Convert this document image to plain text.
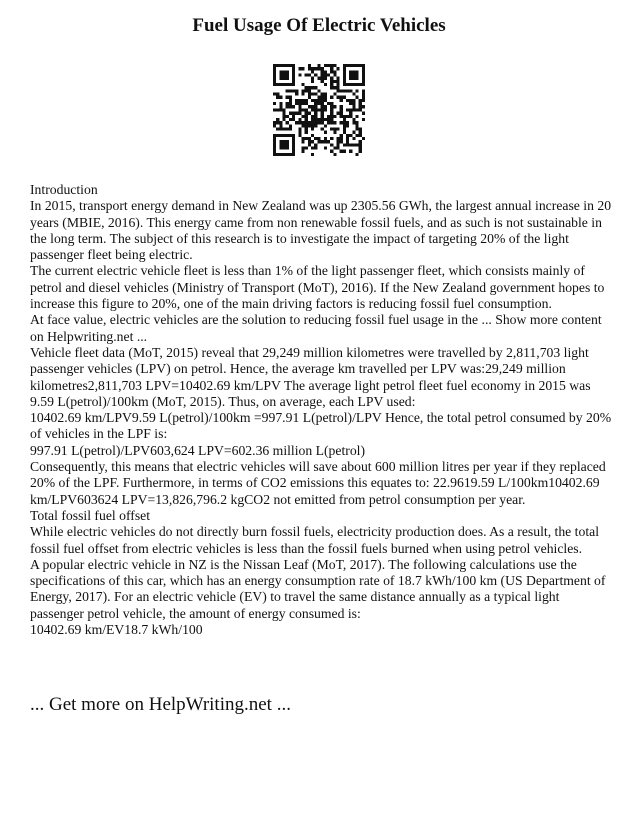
Fuel Usage Of Electric Vehicles

Introduction

In 2015, transport energy demand in New Zealand was up 2305.56 GWh, the largest annual increase in 20 years (MBIE, 2016). This energy came from non renewable fossil fuels, and as such is not sustainable in the long term. The subject of this research is to investigate the impact of targeting 20% of the light passenger fleet being electric.

The current electric vehicle fleet is less than 1% of the light passenger fleet, which consists mainly of petrol and diesel vehicles (Ministry of Transport (MoT), 2016). If the New Zealand government hopes to increase this figure to 20%, one of the main driving factors is reducing fossil fuel consumption.

At face value, electric vehicles are the solution to reducing fossil fuel usage in the ... Show more content on Helpwriting.net ...

Vehicle fleet data (MoT, 2015) reveal that 29,249 million kilometres were travelled by 2,811,703 light passenger vehicles (LPV) on petrol. Hence, the average km travelled per LPV was:29,249 million kilometres2,811,703 LPV=10402.69 km/LPV The average light petrol fleet fuel economy in 2015 was 9.59 L(petrol)/100km (MoT, 2015). Thus, on average, each LPV used:

10402.69 km/LPV9.59 L(petrol)/100km =997.91 L(petrol)/LPV Hence, the total petrol consumed by 20% of vehicles in the LPF is:

997.91 L(petrol)/LPV603,624 LPV=602.36 million L(petrol)

Consequently, this means that electric vehicles will save about 600 million litres per year if they replaced 20% of the LPF. Furthermore, in terms of CO2 emissions this equates to: 22.9619.59 L/100km10402.69 km/LPV603624 LPV=13,826,796.2 kgCO2 not emitted from petrol consumption per year.

Total fossil fuel offset

While electric vehicles do not directly burn fossil fuels, electricity production does. As a result, the total fossil fuel offset from electric vehicles is less than the fossil fuels burned when using petrol vehicles.

A popular electric vehicle in NZ is the Nissan Leaf (MoT, 2017). The following calculations use the specifications of this car, which has an energy consumption rate of 18.7 kWh/100 km (US Department of Energy, 2017). For an electric vehicle (EV) to travel the same distance annually as a typical light passenger petrol vehicle, the amount of energy consumed is:

10402.69 km/EV18.7 kWh/100

... Get more on HelpWriting.net ...
